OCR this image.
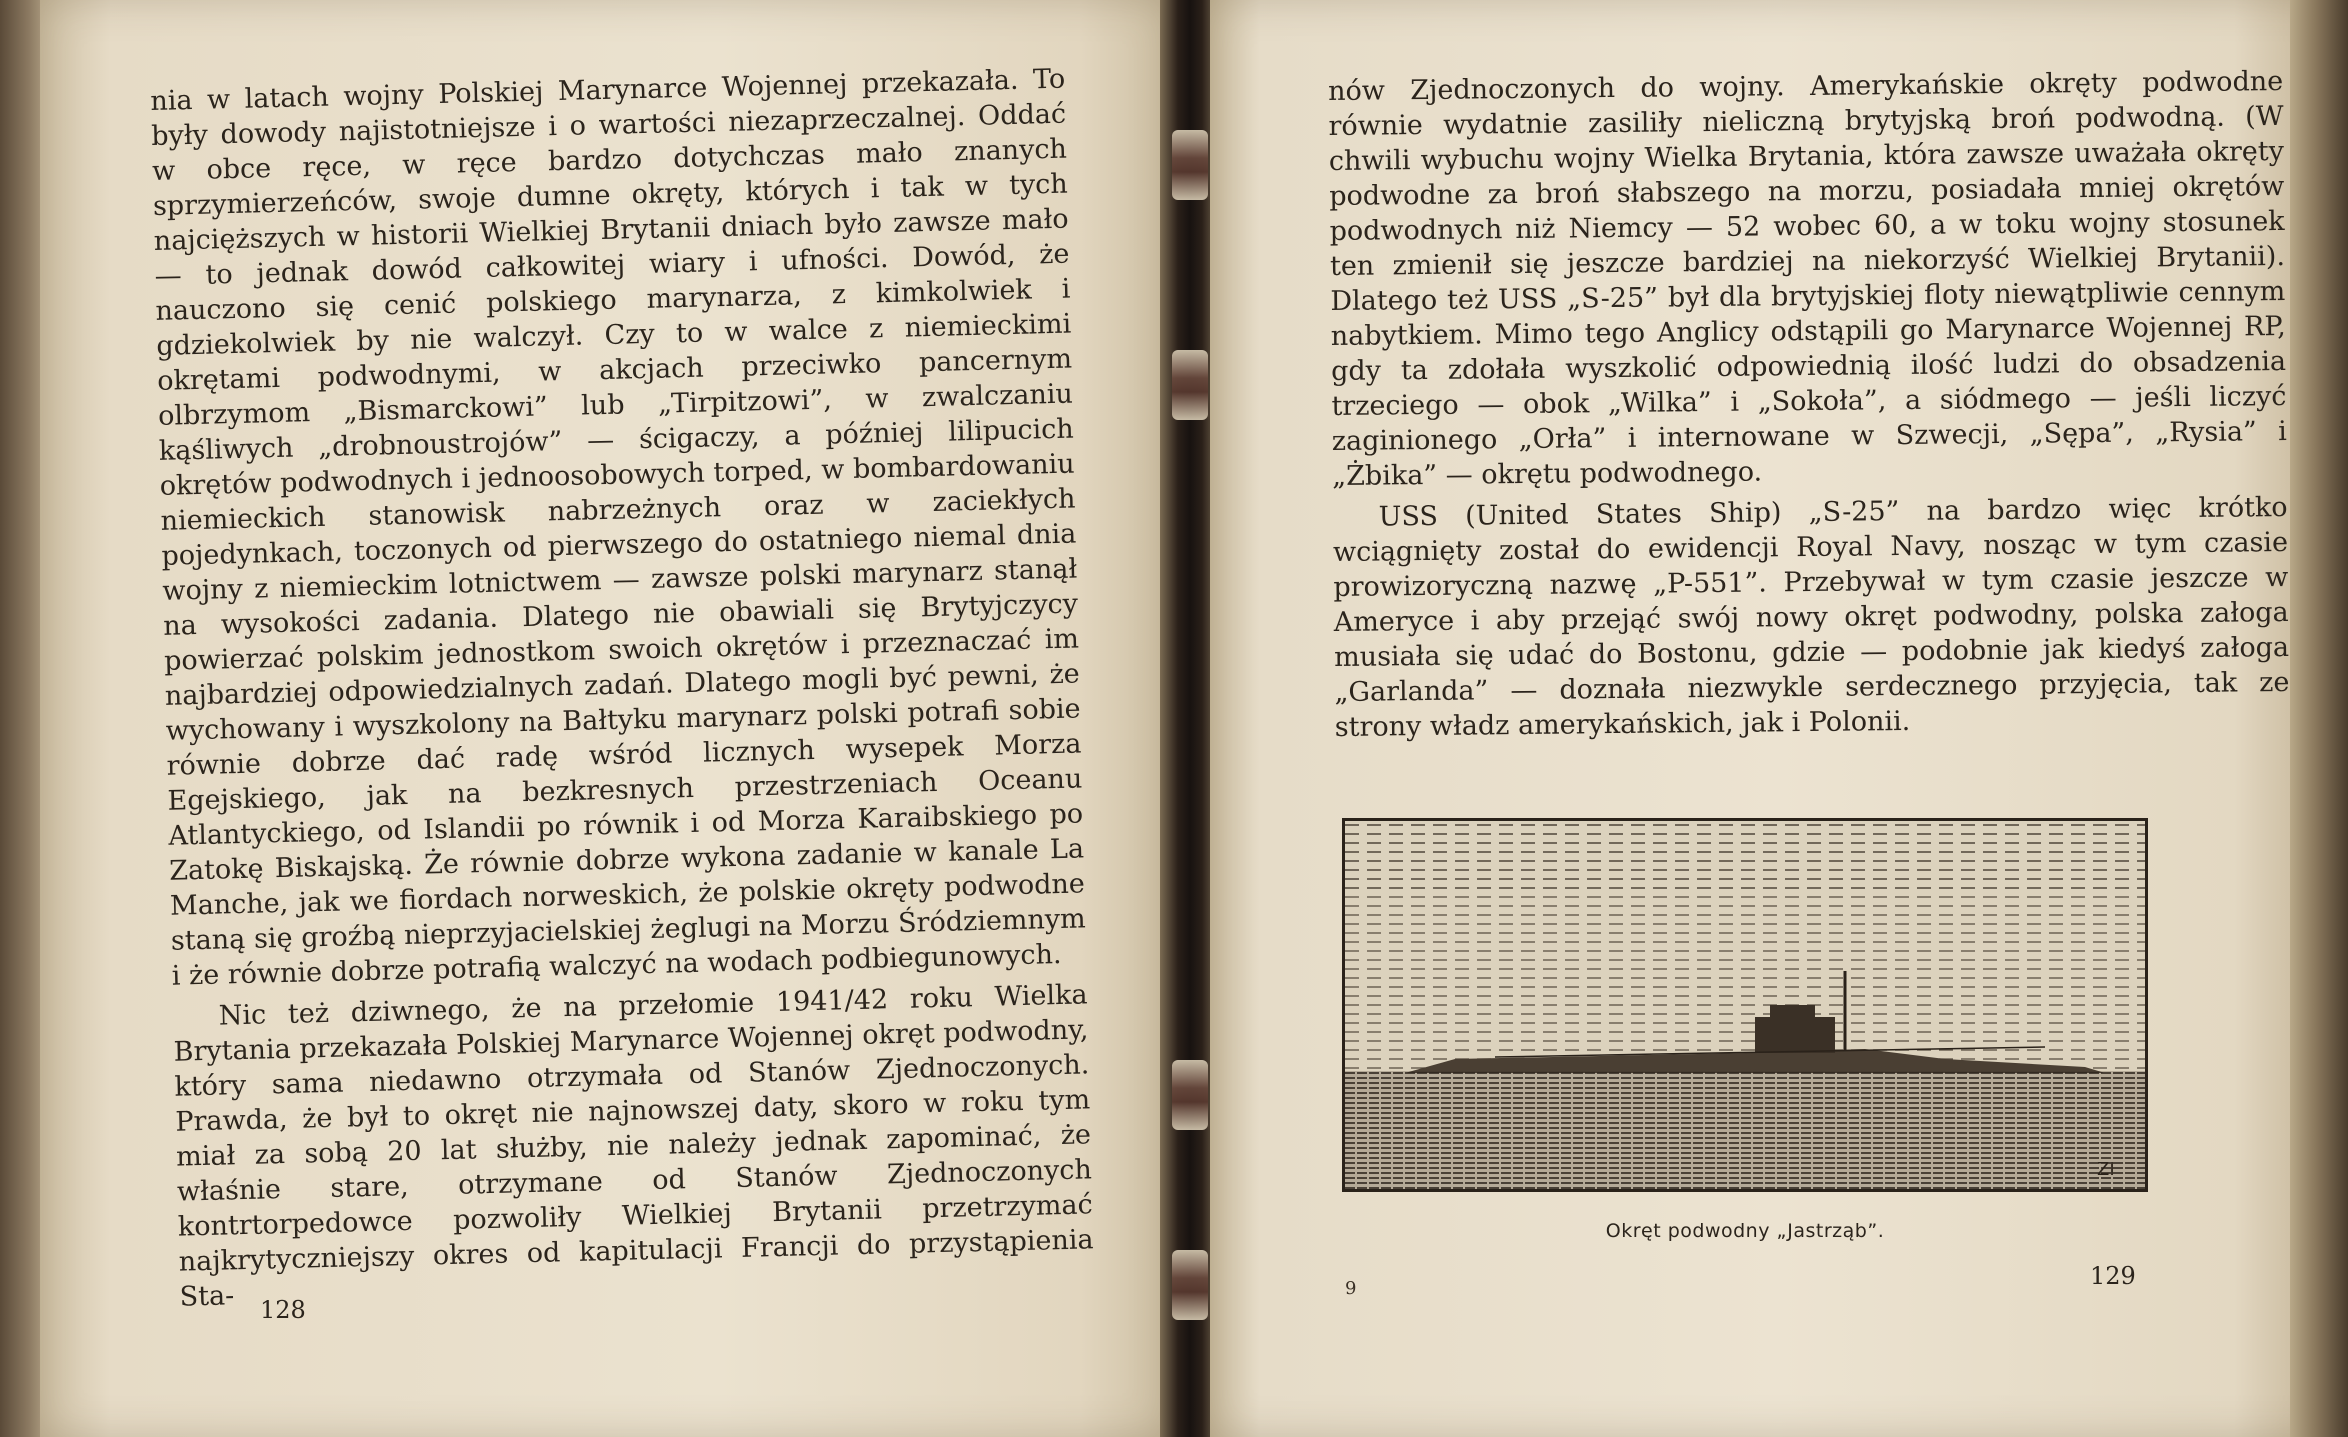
nia w latach wojny Polskiej Marynarce Wojennej przekazała. To były dowody najistotniejsze i o wartości niezaprzeczalnej. Oddać w obce ręce, w ręce bardzo dotychczas mało znanych sprzymierzeńców, swoje dumne okręty, których i tak w tych najcięższych w historii Wielkiej Brytanii dniach było zawsze mało — to jednak dowód całkowitej wiary i ufności. Dowód, że nauczono się cenić polskiego marynarza, z kimkolwiek i gdziekolwiek by nie walczył. Czy to w walce z niemieckimi okrętami podwodnymi, w akcjach przeciwko pancernym olbrzymom „Bismarckowi” lub „Tirpitzowi”, w zwalczaniu kąśliwych „drobnoustrojów” — ścigaczy, a później lilipucich okrętów podwodnych i jednoosobowych torped, w bombardowaniu niemieckich stanowisk nabrzeżnych oraz w zaciekłych pojedynkach, toczonych od pierwszego do ostatniego niemal dnia wojny z niemieckim lotnictwem — zawsze polski marynarz stanął na wysokości zadania. Dlatego nie obawiali się Brytyjczycy powierzać polskim jednostkom swoich okrętów i przeznaczać im najbardziej odpowiedzialnych zadań. Dlatego mogli być pewni, że wychowany i wyszkolony na Bałtyku marynarz polski potrafi sobie równie dobrze dać radę wśród licznych wysepek Morza Egejskiego, jak na bezkresnych przestrzeniach Oceanu Atlantyckiego, od Islandii po równik i od Morza Karaibskiego po Zatokę Biskajską. Że równie dobrze wykona zadanie w kanale La Manche, jak we fiordach norweskich, że polskie okręty podwodne staną się groźbą nieprzyjacielskiej żeglugi na Morzu Śródziemnym i że równie dobrze potrafią walczyć na wodach podbiegunowych.

Nic też dziwnego, że na przełomie 1941/42 roku Wielka Brytania przekazała Polskiej Marynarce Wojennej okręt podwodny, który sama niedawno otrzymała od Stanów Zjednoczonych. Prawda, że był to okręt nie najnowszej daty, skoro w roku tym miał za sobą 20 lat służby, nie należy jednak zapominać, że właśnie stare, otrzymane od Stanów Zjednoczonych kontrtorpedowce pozwoliły Wielkiej Brytanii przetrzymać najkrytyczniejszy okres od kapitulacji Francji do przystąpienia Sta-	128

nów Zjednoczonych do wojny. Amerykańskie okręty podwodne równie wydatnie zasiliły nieliczną brytyjską broń podwodną. (W chwili wybuchu wojny Wielka Brytania, która zawsze uważała okręty podwodne za broń słabszego na morzu, posiadała mniej okrętów podwodnych niż Niemcy — 52 wobec 60, a w toku wojny stosunek ten zmienił się jeszcze bardziej na niekorzyść Wielkiej Brytanii). Dlatego też USS „S-25” był dla brytyjskiej floty niewątpliwie cennym nabytkiem. Mimo tego Anglicy odstąpili go Marynarce Wojennej RP, gdy ta zdołała wyszkolić odpowiednią ilość ludzi do obsadzenia trzeciego — obok „Wilka” i „Sokoła”, a siódmego — jeśli liczyć zaginionego „Orła” i internowane w Szwecji, „Sępa”, „Rysia” i „Żbika” — okrętu podwodnego.

USS (United States Ship) „S-25” na bardzo więc krótko wciągnięty został do ewidencji Royal Navy, nosząc w tym czasie prowizoryczną nazwę „P-551”. Przebywał w tym czasie jeszcze w Ameryce i aby przejąć swój nowy okręt podwodny, polska załoga musiała się udać do Bostonu, gdzie — podobnie jak kiedyś załoga „Garlanda” — doznała niezwykle serdecznego przyjęcia, tak ze strony władz amerykańskich, jak i Polonii.

ZI
Okręt podwodny „Jastrząb”.
9	129
